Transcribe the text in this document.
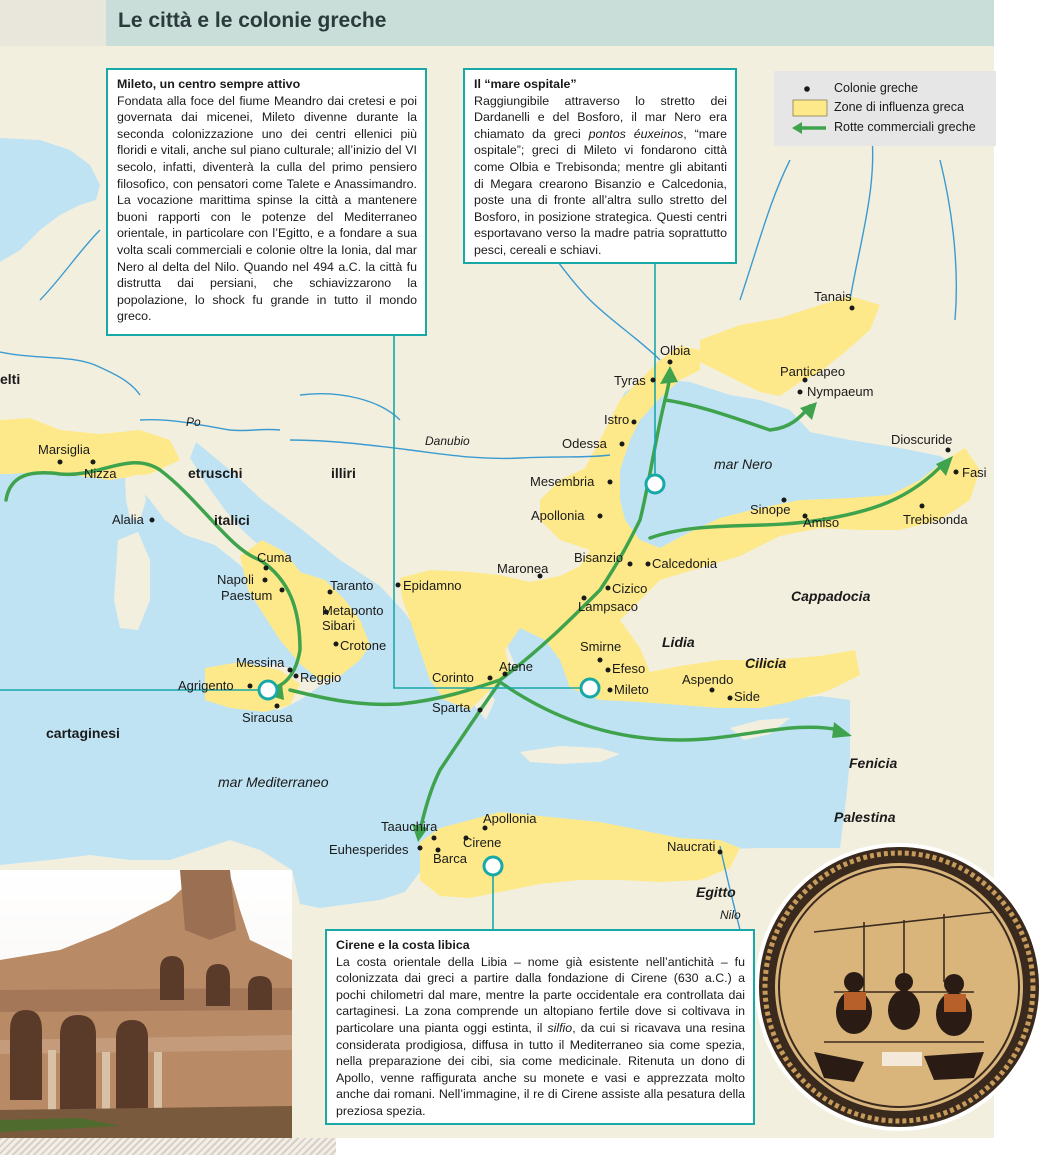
Le città e le colonie greche
Marsiglia
Nizza
Alalia
Cuma
Napoli
Paestum
Taranto
Metaponto
Sibari
Crotone
Messina
Reggio
Agrigento
Siracusa
Epidamno
Corinto
Atene
Sparta
Maronea
Bisanzio Calcedonia
Cizico
Lampsaco
Smirne
Efeso
Mileto
Aspendo
Side
Apollonia
Mesembria
Odessa
Istro
Tyras
Olbia
Tanais
Panticapeo
Nympaeum
Dioscuride
Fasi
Sinope
Amiso	Trebisonda
Taauchira
Apollonia
Euhesperides	Cirene
Barca
Naucrati
etruschi	illiri
italici
cartaginesi
Cappadocia
Lidia
Cilicia
Fenicia
Palestina
Egitto
elti
mar Nero
mar Mediterraneo
Po
Danubio
Nilo
Colonie greche
Zone di influenza greca
Rotte commerciali greche
Mileto, un centro sempre attivo
Fondata alla foce del fiume Meandro dai cretesi e poi governata dai micenei, Mileto divenne durante la seconda colonizzazione uno dei centri ellenici più floridi e vitali, anche sul piano culturale; all’inizio del VI secolo, infatti, diventerà la culla del primo pensiero filosofico, con pensatori come Talete e Anassimandro. La vocazione marittima spinse la città a mantenere buoni rapporti con le potenze del Mediterraneo orientale, in particolare con l’Egitto, e a fondare a sua volta scali commerciali e colonie oltre la Ionia, dal mar Nero al delta del Nilo. Quando nel 494 a.C. la città fu distrutta dai persiani, che schiavizzarono la popolazione, lo shock fu grande in tutto il mondo greco.
Il “mare ospitale”
Raggiungibile attraverso lo stretto dei Dardanelli e del Bosforo, il mar Nero era chiamato da greci pontos éuxeinos, “mare ospitale”; greci di Mileto vi fondarono città come Olbia e Trebisonda; mentre gli abitanti di Megara crearono Bisanzio e Calcedonia, poste una di fronte all’altra sullo stretto del Bosforo, in posizione strategica. Questi centri esportavano verso la madre patria soprattutto pesci, cereali e schiavi.
Cirene e la costa libica
La costa orientale della Libia – nome già esistente nell’antichità – fu colonizzata dai greci a partire dalla fondazione di Cirene (630 a.C.) a pochi chilometri dal mare, mentre la parte occidentale era controllata dai cartaginesi. La zona comprende un altopiano fertile dove si coltivava in particolare una pianta oggi estinta, il silfio, da cui si ricavava una resina considerata prodigiosa, diffusa in tutto il Mediterraneo sia come spezia, nella preparazione dei cibi, sia come medicinale. Ritenuta un dono di Apollo, venne raffigurata anche su monete e vasi e apprezzata molto anche dai romani. Nell’immagine, il re di Cirene assiste alla pesatura della preziosa spezia.
